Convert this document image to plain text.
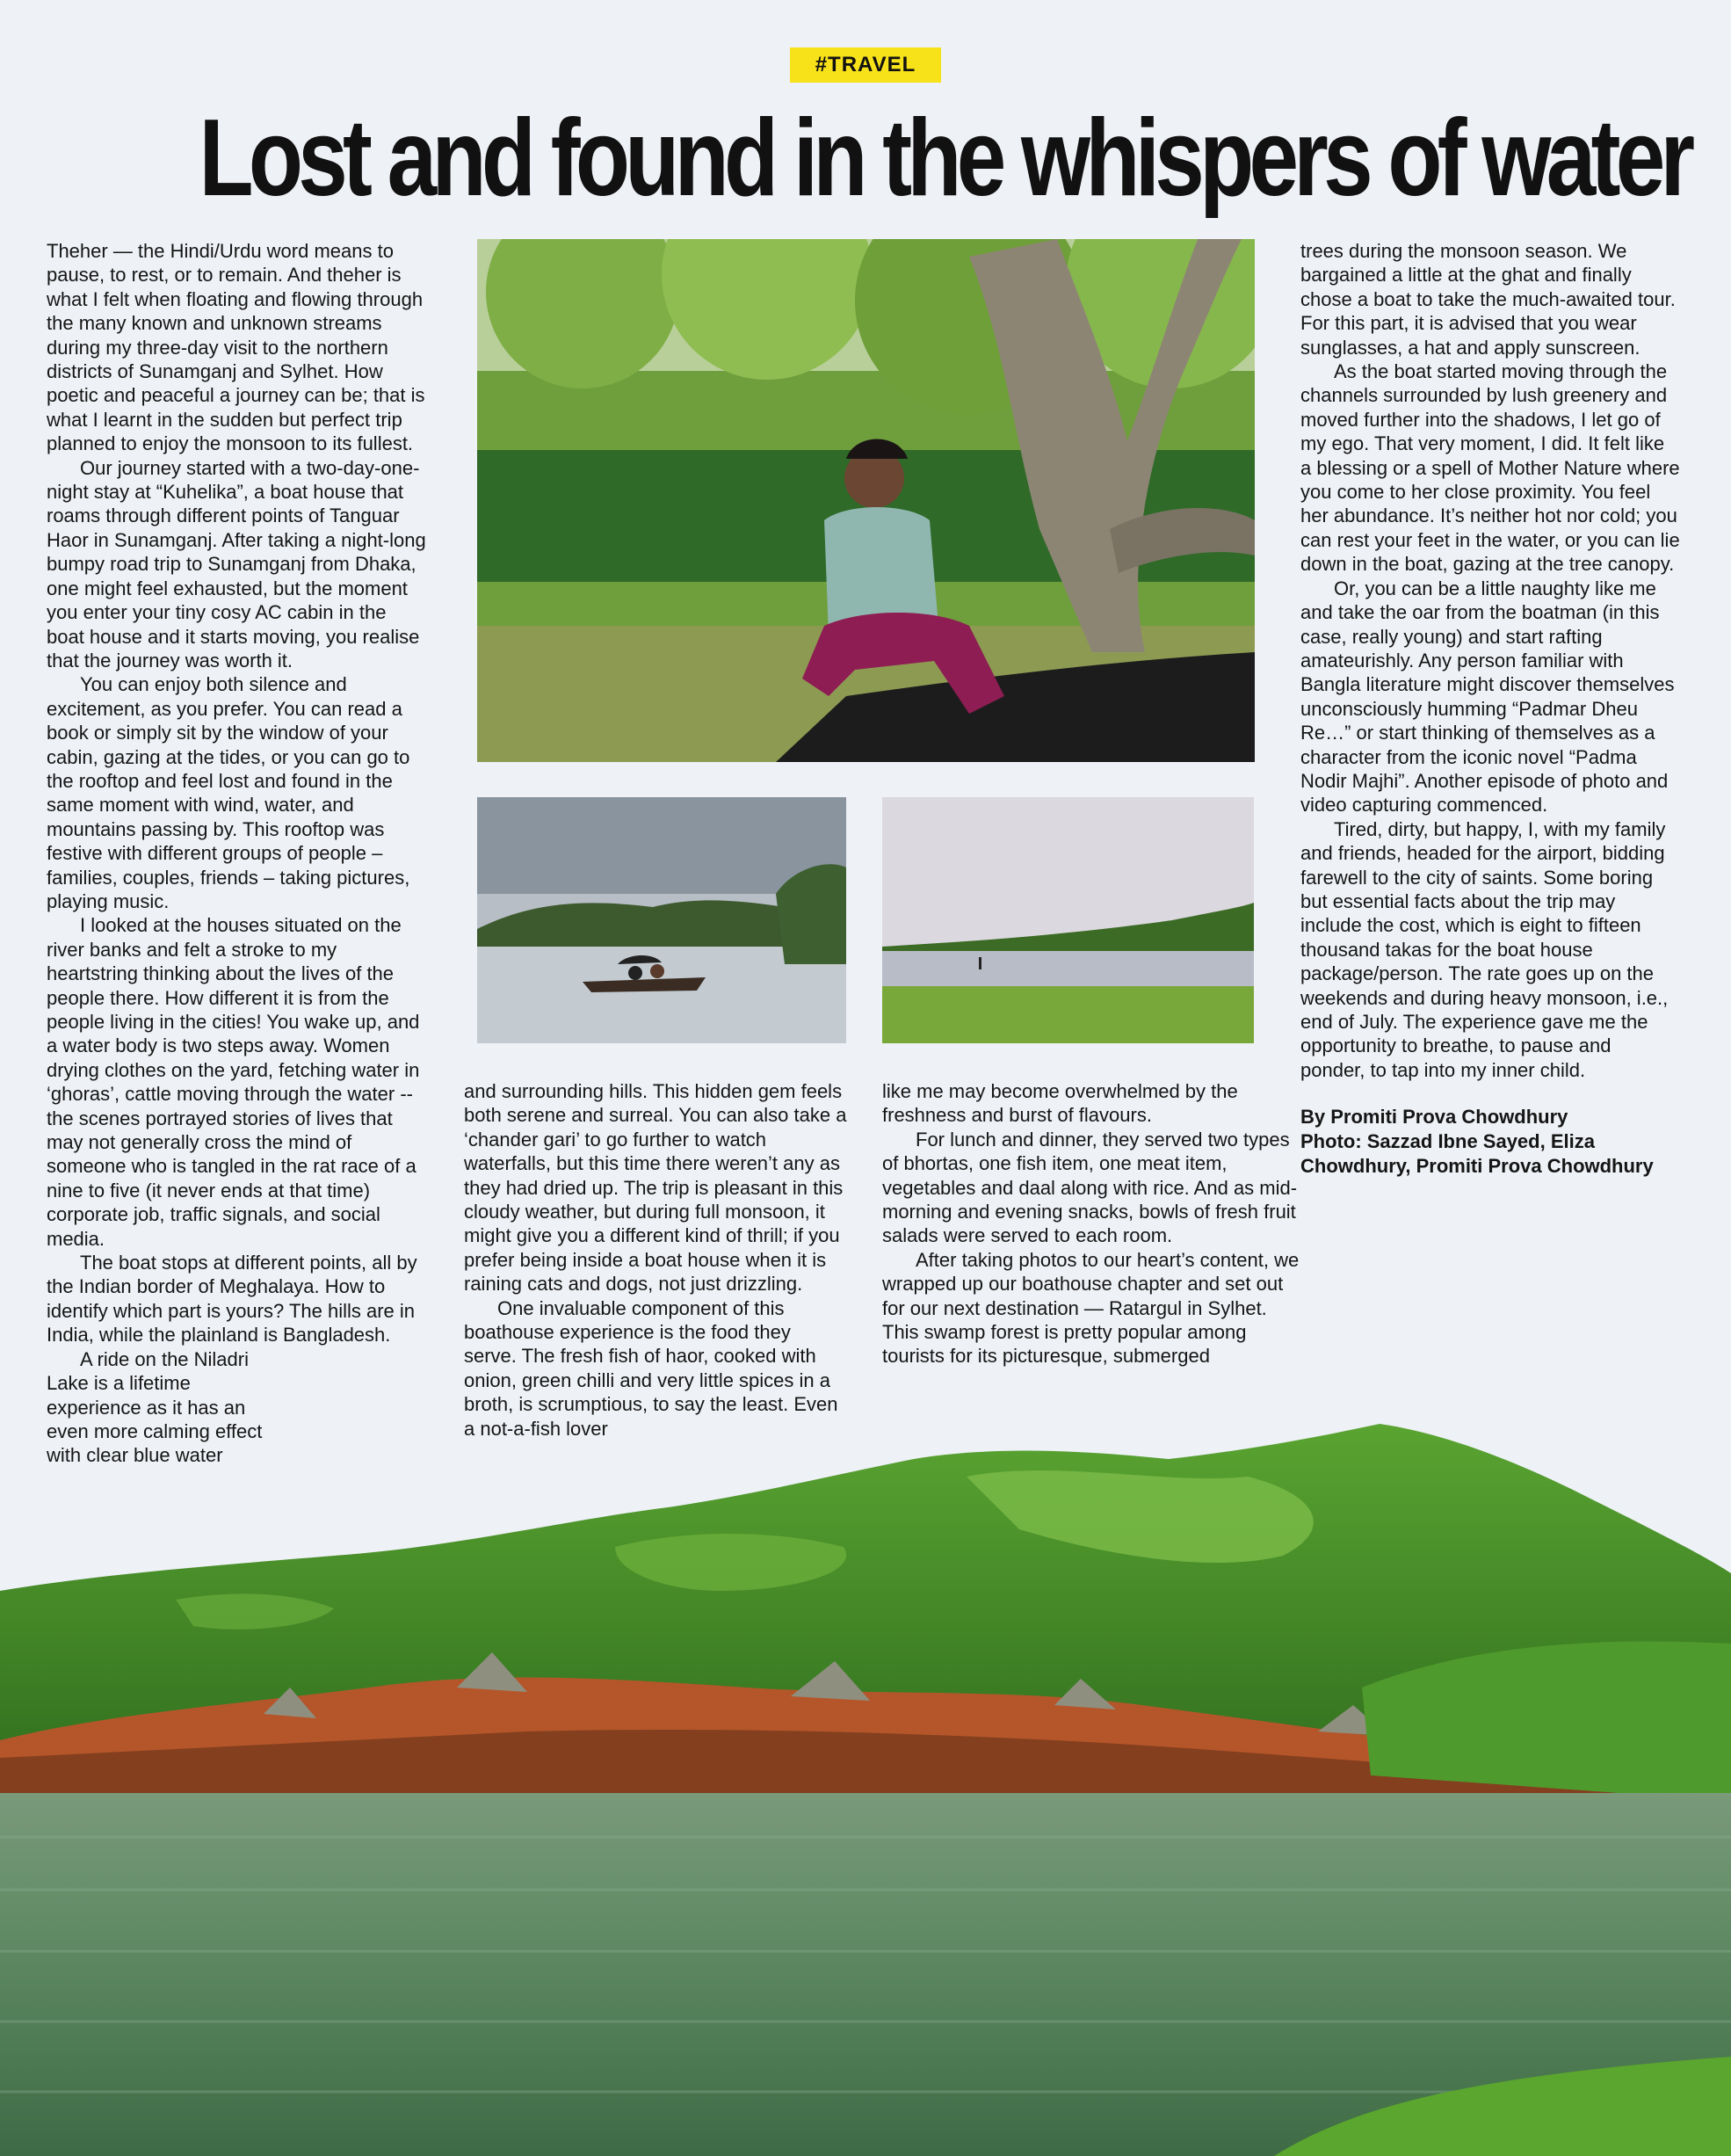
#TRAVEL
Lost and found in the whispers of water

Theher — the Hindi/Urdu word means to pause, to rest, or to remain. And theher is what I felt when floating and flowing through the many known and unknown streams during my three-day visit to the northern districts of Sunamganj and Sylhet. How poetic and peaceful a journey can be; that is what I learnt in the sudden but perfect trip planned to enjoy the monsoon to its fullest.

Our journey started with a two-day-one-night stay at “Kuhelika”, a boat house that roams through different points of Tanguar Haor in Sunamganj. After taking a night-long bumpy road trip to Sunamganj from Dhaka, one might feel exhausted, but the moment you enter your tiny cosy AC cabin in the boat house and it starts moving, you realise that the journey was worth it.

You can enjoy both silence and excitement, as you prefer. You can read a book or simply sit by the window of your cabin, gazing at the tides, or you can go to the rooftop and feel lost and found in the same moment with wind, water, and mountains passing by. This rooftop was festive with different groups of people – families, couples, friends – taking pictures, playing music.

I looked at the houses situated on the river banks and felt a stroke to my heartstring thinking about the lives of the people there. How different it is from the people living in the cities! You wake up, and a water body is two steps away. Women drying clothes on the yard, fetching water in ‘ghoras’, cattle moving through the water -- the scenes portrayed stories of lives that may not generally cross the mind of someone who is tangled in the rat race of a nine to five (it never ends at that time) corporate job, traffic signals, and social media.

The boat stops at different points, all by the Indian border of Meghalaya. How to identify which part is yours? The hills are in India, while the plainland is Bangladesh.

A ride on the Niladri Lake is a lifetime experience as it has an even more calming effect with clear blue water

and surrounding hills. This hidden gem feels both serene and surreal. You can also take a ‘chander gari’ to go further to watch waterfalls, but this time there weren’t any as they had dried up. The trip is pleasant in this cloudy weather, but during full monsoon, it might give you a different kind of thrill; if you prefer being inside a boat house when it is raining cats and dogs, not just drizzling.

One invaluable component of this boathouse experience is the food they serve. The fresh fish of haor, cooked with onion, green chilli and very little spices in a broth, is scrumptious, to say the least. Even a not-a-fish lover

like me may become overwhelmed by the freshness and burst of flavours.

For lunch and dinner, they served two types of bhortas, one fish item, one meat item, vegetables and daal along with rice. And as mid-morning and evening snacks, bowls of fresh fruit salads were served to each room.

After taking photos to our heart’s content, we wrapped up our boathouse chapter and set out for our next destination — Ratargul in Sylhet. This swamp forest is pretty popular among tourists for its picturesque, submerged

trees during the monsoon season. We bargained a little at the ghat and finally chose a boat to take the much-awaited tour. For this part, it is advised that you wear sunglasses, a hat and apply sunscreen.

As the boat started moving through the channels surrounded by lush greenery and moved further into the shadows, I let go of my ego. That very moment, I did. It felt like a blessing or a spell of Mother Nature where you come to her close proximity. You feel her abundance. It’s neither hot nor cold; you can rest your feet in the water, or you can lie down in the boat, gazing at the tree canopy.

Or, you can be a little naughty like me and take the oar from the boatman (in this case, really young) and start rafting amateurishly. Any person familiar with Bangla literature might discover themselves unconsciously humming “Padmar Dheu Re…” or start thinking of themselves as a character from the iconic novel “Padma Nodir Majhi”. Another episode of photo and video capturing commenced.

Tired, dirty, but happy, I, with my family and friends, headed for the airport, bidding farewell to the city of saints. Some boring but essential facts about the trip may include the cost, which is eight to fifteen thousand takas for the boat house package/person. The rate goes up on the weekends and during heavy monsoon, i.e., end of July. The experience gave me the opportunity to breathe, to pause and ponder, to tap into my inner child.

By Promiti Prova Chowdhury
Photo: Sazzad Ibne Sayed, Eliza Chowdhury, Promiti Prova Chowdhury
